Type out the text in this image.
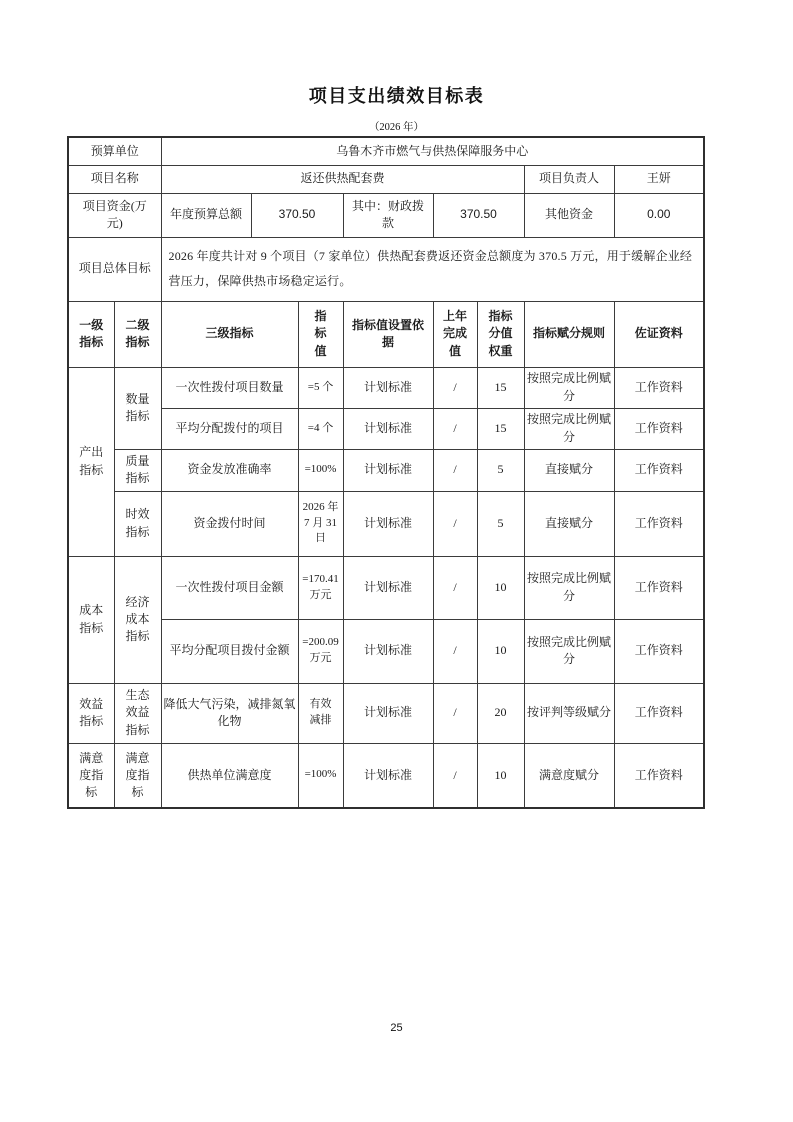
项目支出绩效目标表
（2026 年）
预算单位		乌鲁木齐市燃气与供热保障服务中心							
项目名称		返还供热配套费						项目负责人	王妍
项目资金(万元)		年度预算总额	370.50		其中：财政拨款	370.50		其他资金	0.00
项目总体目标		2026 年度共计对 9 个项目（7 家单位）供热配套费返还资金总额度为 370.5 万元，用于缓解企业经营压力，保障供热市场稳定运行。							
一级指标	二级指标	三级指标		指标值	指标值设置依据	上年完成值	指标分值权重	指标赋分规则	佐证资料
产出指标	数量指标	一次性拨付项目数量		=5 个	计划标准	/	15	按照完成比例赋分	工作资料
		平均分配拨付的项目		=4 个	计划标准	/	15	按照完成比例赋分	工作资料
	质量指标	资金发放准确率		=100%	计划标准	/	5	直接赋分	工作资料
	时效指标	资金拨付时间		2026 年 7 月 31 日	计划标准	/	5	直接赋分	工作资料
成本指标	经济成本指标	一次性拨付项目金额		=170.41 万元	计划标准	/	10	按照完成比例赋分	工作资料
		平均分配项目拨付金额		=200.09 万元	计划标准	/	10	按照完成比例赋分	工作资料
效益指标	生态效益指标	降低大气污染，减排氮氧化物		有效减排	计划标准	/	20	按评判等级赋分	工作资料
满意度指标	满意度指标	供热单位满意度		=100%	计划标准	/	10	满意度赋分	工作资料
25
